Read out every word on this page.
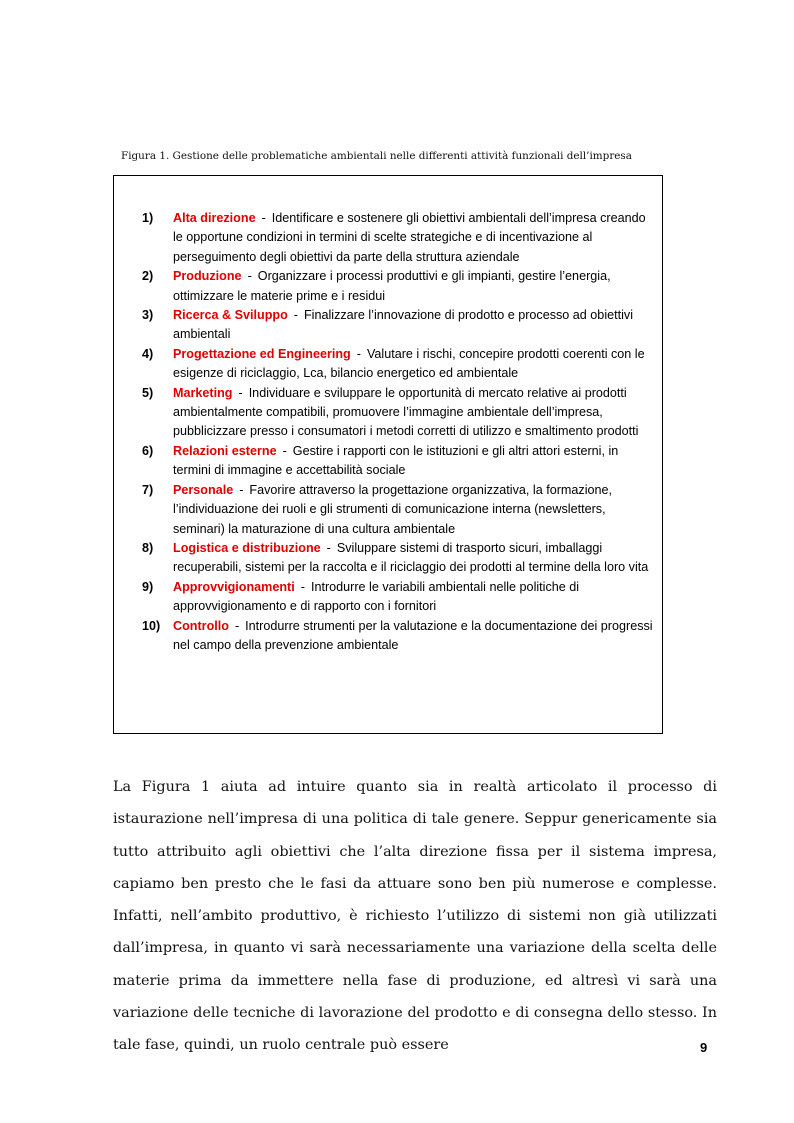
Figura 1. Gestione delle problematiche ambientali nelle differenti attività funzionali dell’impresa
1)	Alta direzione - Identificare e sostenere gli obiettivi ambientali dell’impresa creando le opportune condizioni in termini di scelte strategiche e di incentivazione al perseguimento degli obiettivi da parte della struttura aziendale
2)	Produzione - Organizzare i processi produttivi e gli impianti, gestire l’energia, ottimizzare le materie prime e i residui
3)	Ricerca & Sviluppo - Finalizzare l’innovazione di prodotto e processo ad obiettivi ambientali
4)	Progettazione ed Engineering - Valutare i rischi, concepire prodotti coerenti con le esigenze di riciclaggio, Lca, bilancio energetico ed ambientale
5)	Marketing - Individuare e sviluppare le opportunità di mercato relative ai prodotti ambientalmente compatibili, promuovere l’immagine ambientale dell’impresa, pubblicizzare presso i consumatori i metodi corretti di utilizzo e smaltimento prodotti
6)	Relazioni esterne - Gestire i rapporti con le istituzioni e gli altri attori esterni, in termini di immagine e accettabilità sociale
7)	Personale - Favorire attraverso la progettazione organizzativa, la formazione, l’individuazione dei ruoli e gli strumenti di comunicazione interna (newsletters, seminari) la maturazione di una cultura ambientale
8)	Logistica e distribuzione - Sviluppare sistemi di trasporto sicuri, imballaggi recuperabili, sistemi per la raccolta e il riciclaggio dei prodotti al termine della loro vita
9)	Approvvigionamenti - Introdurre le variabili ambientali nelle politiche di approvvigionamento e di rapporto con i fornitori
10)	Controllo - Introdurre strumenti per la valutazione e la documentazione dei progressi nel campo della prevenzione ambientale

La Figura 1 aiuta ad intuire quanto sia in realtà articolato il processo di istaurazione nell’impresa di una politica di tale genere. Seppur genericamente sia tutto attribuito agli obiettivi che l’alta direzione fissa per il sistema impresa, capiamo ben presto che le fasi da attuare sono ben più numerose e complesse. Infatti, nell’ambito produttivo, è richiesto l’utilizzo di sistemi non già utilizzati dall’impresa, in quanto vi sarà necessariamente una variazione della scelta delle materie prima da immettere nella fase di produzione, ed altresì vi sarà una variazione delle tecniche di lavorazione del prodotto e di consegna dello stesso. In tale fase, quindi, un ruolo centrale può essere	9
